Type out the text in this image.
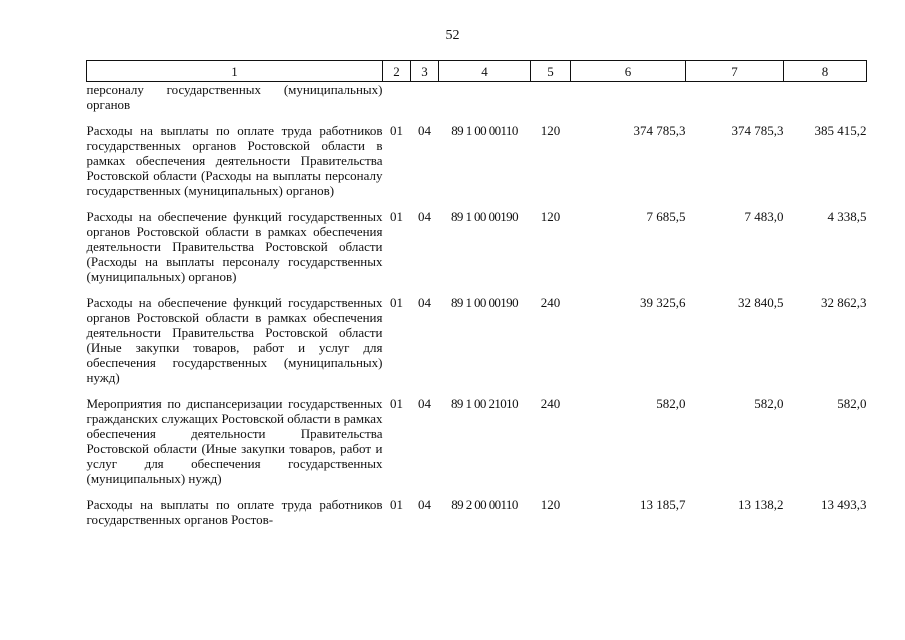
52
1	2	3	4	5	6	7	8
персоналу государственных (муниципальных) органов							
Расходы на выплаты по оплате труда работников государственных органов Ростовской области в рамках обеспечения деятельности Правительства Ростовской области (Расходы на выплаты персоналу государственных (муниципальных) органов)	01	04	89 1 00 00110	120	374 785,3	374 785,3	385 415,2
Расходы на обеспечение функций государственных органов Ростовской области в рамках обеспечения деятельности Правительства Ростовской области (Расходы на выплаты персоналу государственных (муниципальных) органов)	01	04	89 1 00 00190	120	7 685,5	7 483,0	4 338,5
Расходы на обеспечение функций государственных органов Ростовской области в рамках обеспечения деятельности Правительства Ростовской области (Иные закупки товаров, работ и услуг для обеспечения государственных (муниципальных) нужд)	01	04	89 1 00 00190	240	39 325,6	32 840,5	32 862,3
Мероприятия по диспансеризации государственных гражданских служащих Ростовской области в рамках обеспечения деятельности Правительства Ростовской области (Иные закупки товаров, работ и услуг для обеспечения государственных (муниципальных) нужд)	01	04	89 1 00 21010	240	582,0	582,0	582,0
Расходы на выплаты по оплате труда работников государственных органов Ростов-	01	04	89 2 00 00110	120	13 185,7	13 138,2	13 493,3
